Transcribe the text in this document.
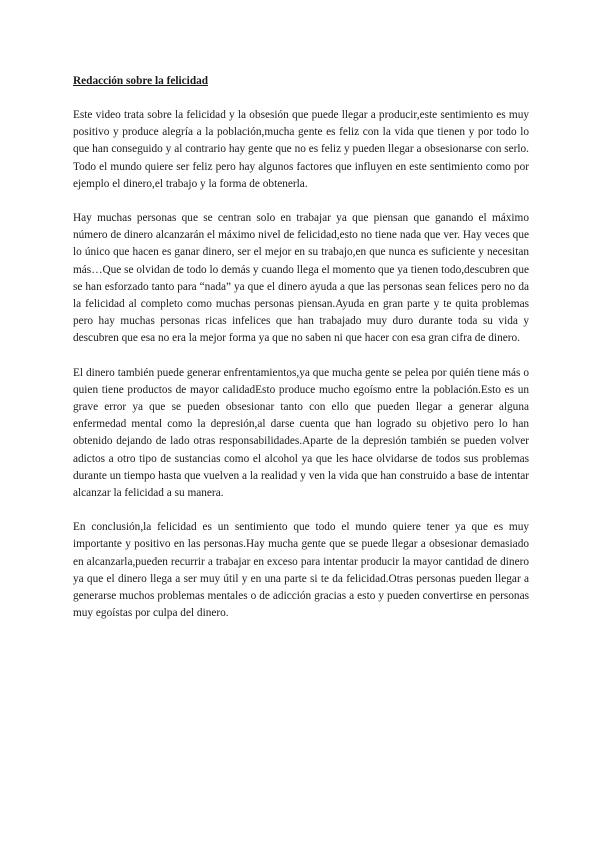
Redacción sobre la felicidad

Este video trata sobre la felicidad y la obsesión que puede llegar a producir,este sentimiento es muy positivo y produce alegría a la población,mucha gente es feliz con la vida que tienen y por todo lo que han conseguido y al contrario hay gente que no es feliz y pueden llegar a obsesionarse con serlo. Todo el mundo quiere ser feliz pero hay algunos factores que influyen en este sentimiento como por ejemplo el dinero,el trabajo y la forma de obtenerla.

Hay muchas personas que se centran solo en trabajar ya que piensan que ganando el máximo número de dinero alcanzarán el máximo nivel de felicidad,esto no tiene nada que ver. Hay veces que lo único que hacen es ganar dinero, ser el mejor en su trabajo,en que nunca es suficiente y necesitan más…Que se olvidan de todo lo demás y cuando llega el momento que ya tienen todo,descubren que se han esforzado tanto para “nada” ya que el dinero ayuda a que las personas sean felices pero no da la felicidad al completo como muchas personas piensan.Ayuda en gran parte y te quita problemas pero hay muchas personas ricas infelices que han trabajado muy duro durante toda su vida y descubren que esa no era la mejor forma ya que no saben ni que hacer con esa gran cifra de dinero.

El dinero también puede generar enfrentamientos,ya que mucha gente se pelea por quién tiene más o quien tiene productos de mayor calidadEsto produce mucho egoísmo entre la población.Esto es un grave error ya que se pueden obsesionar tanto con ello que pueden llegar a generar alguna enfermedad mental como la depresión,al darse cuenta que han logrado su objetivo pero lo han obtenido dejando de lado otras responsabilidades.Aparte de la depresión también se pueden volver adictos a otro tipo de sustancias como el alcohol ya que les hace olvidarse de todos sus problemas durante un tiempo hasta que vuelven a la realidad y ven la vida que han construido a base de intentar alcanzar la felicidad a su manera.

En conclusión,la felicidad es un sentimiento que todo el mundo quiere tener ya que es muy importante y positivo en las personas.Hay mucha gente que se puede llegar a obsesionar demasiado en alcanzarla,pueden recurrir a trabajar en exceso para intentar producir la mayor cantidad de dinero ya que el dinero llega a ser muy útil y en una parte si te da felicidad.Otras personas pueden llegar a generarse muchos problemas mentales o de adicción gracias a esto y pueden convertirse en personas muy egoístas por culpa del dinero.
